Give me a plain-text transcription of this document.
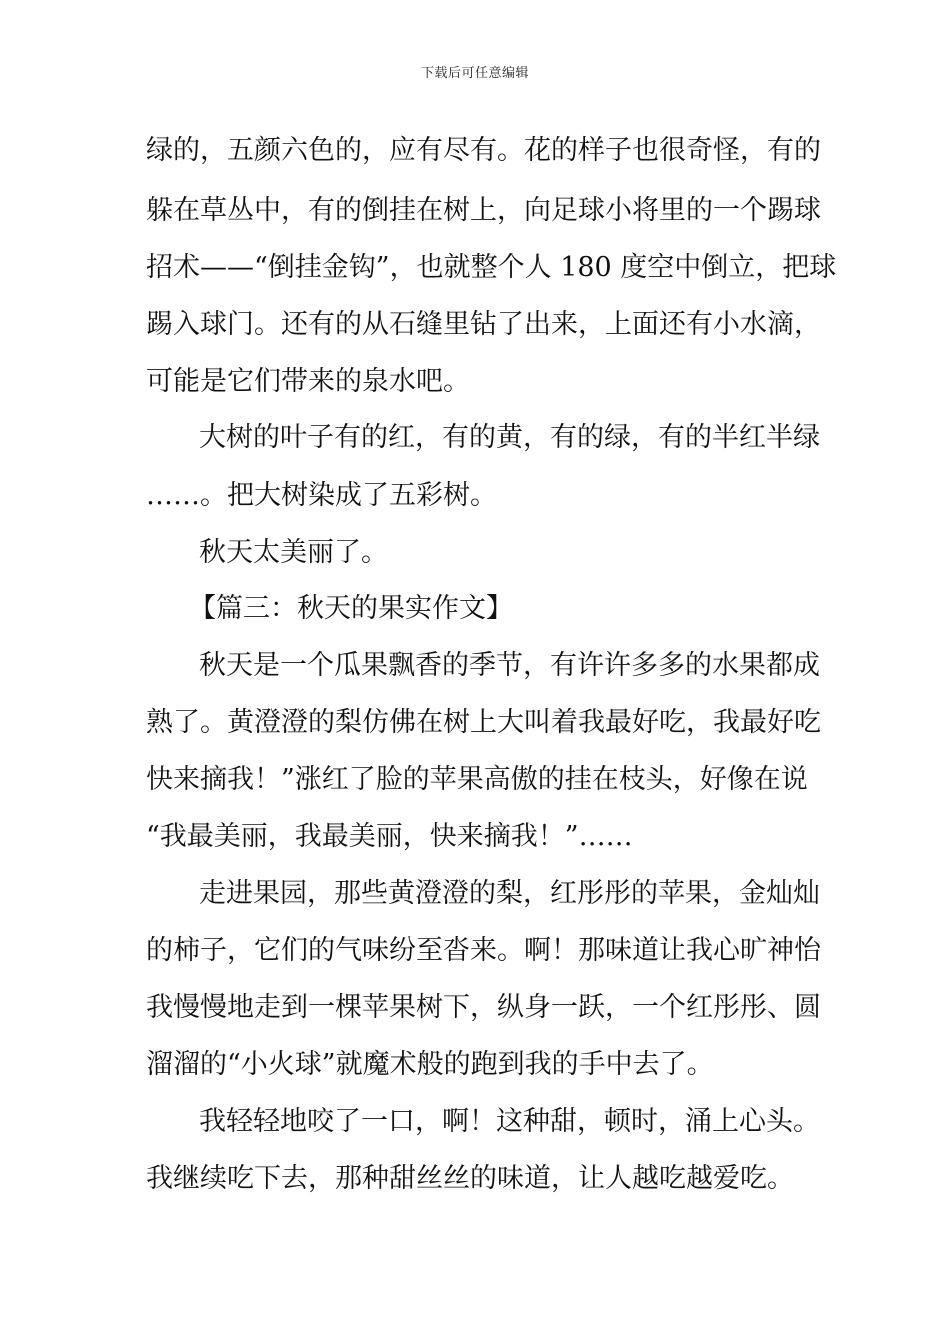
下载后可任意编辑
绿的，五颜六色的，应有尽有。花的样子也很奇怪，有的
躲在草丛中，有的倒挂在树上，向足球小将里的一个踢球
招术——“倒挂金钩”，也就整个人 180 度空中倒立，把球
踢入球门。还有的从石缝里钻了出来，上面还有小水滴，
可能是它们带来的泉水吧。
大树的叶子有的红，有的黄，有的绿，有的半红半绿
……。把大树染成了五彩树。
秋天太美丽了。
【篇三：秋天的果实作文】
秋天是一个瓜果飘香的季节，有许许多多的水果都成
熟了。黄澄澄的梨仿佛在树上大叫着我最好吃，我最好吃
快来摘我！”涨红了脸的苹果高傲的挂在枝头，好像在说
“我最美丽，我最美丽，快来摘我！”……
走进果园，那些黄澄澄的梨，红彤彤的苹果，金灿灿
的柿子，它们的气味纷至沓来。啊！那味道让我心旷神怡
我慢慢地走到一棵苹果树下，纵身一跃，一个红彤彤、圆
溜溜的“小火球”就魔术般的跑到我的手中去了。
我轻轻地咬了一口，啊！这种甜，顿时，涌上心头。
我继续吃下去，那种甜丝丝的味道，让人越吃越爱吃。
